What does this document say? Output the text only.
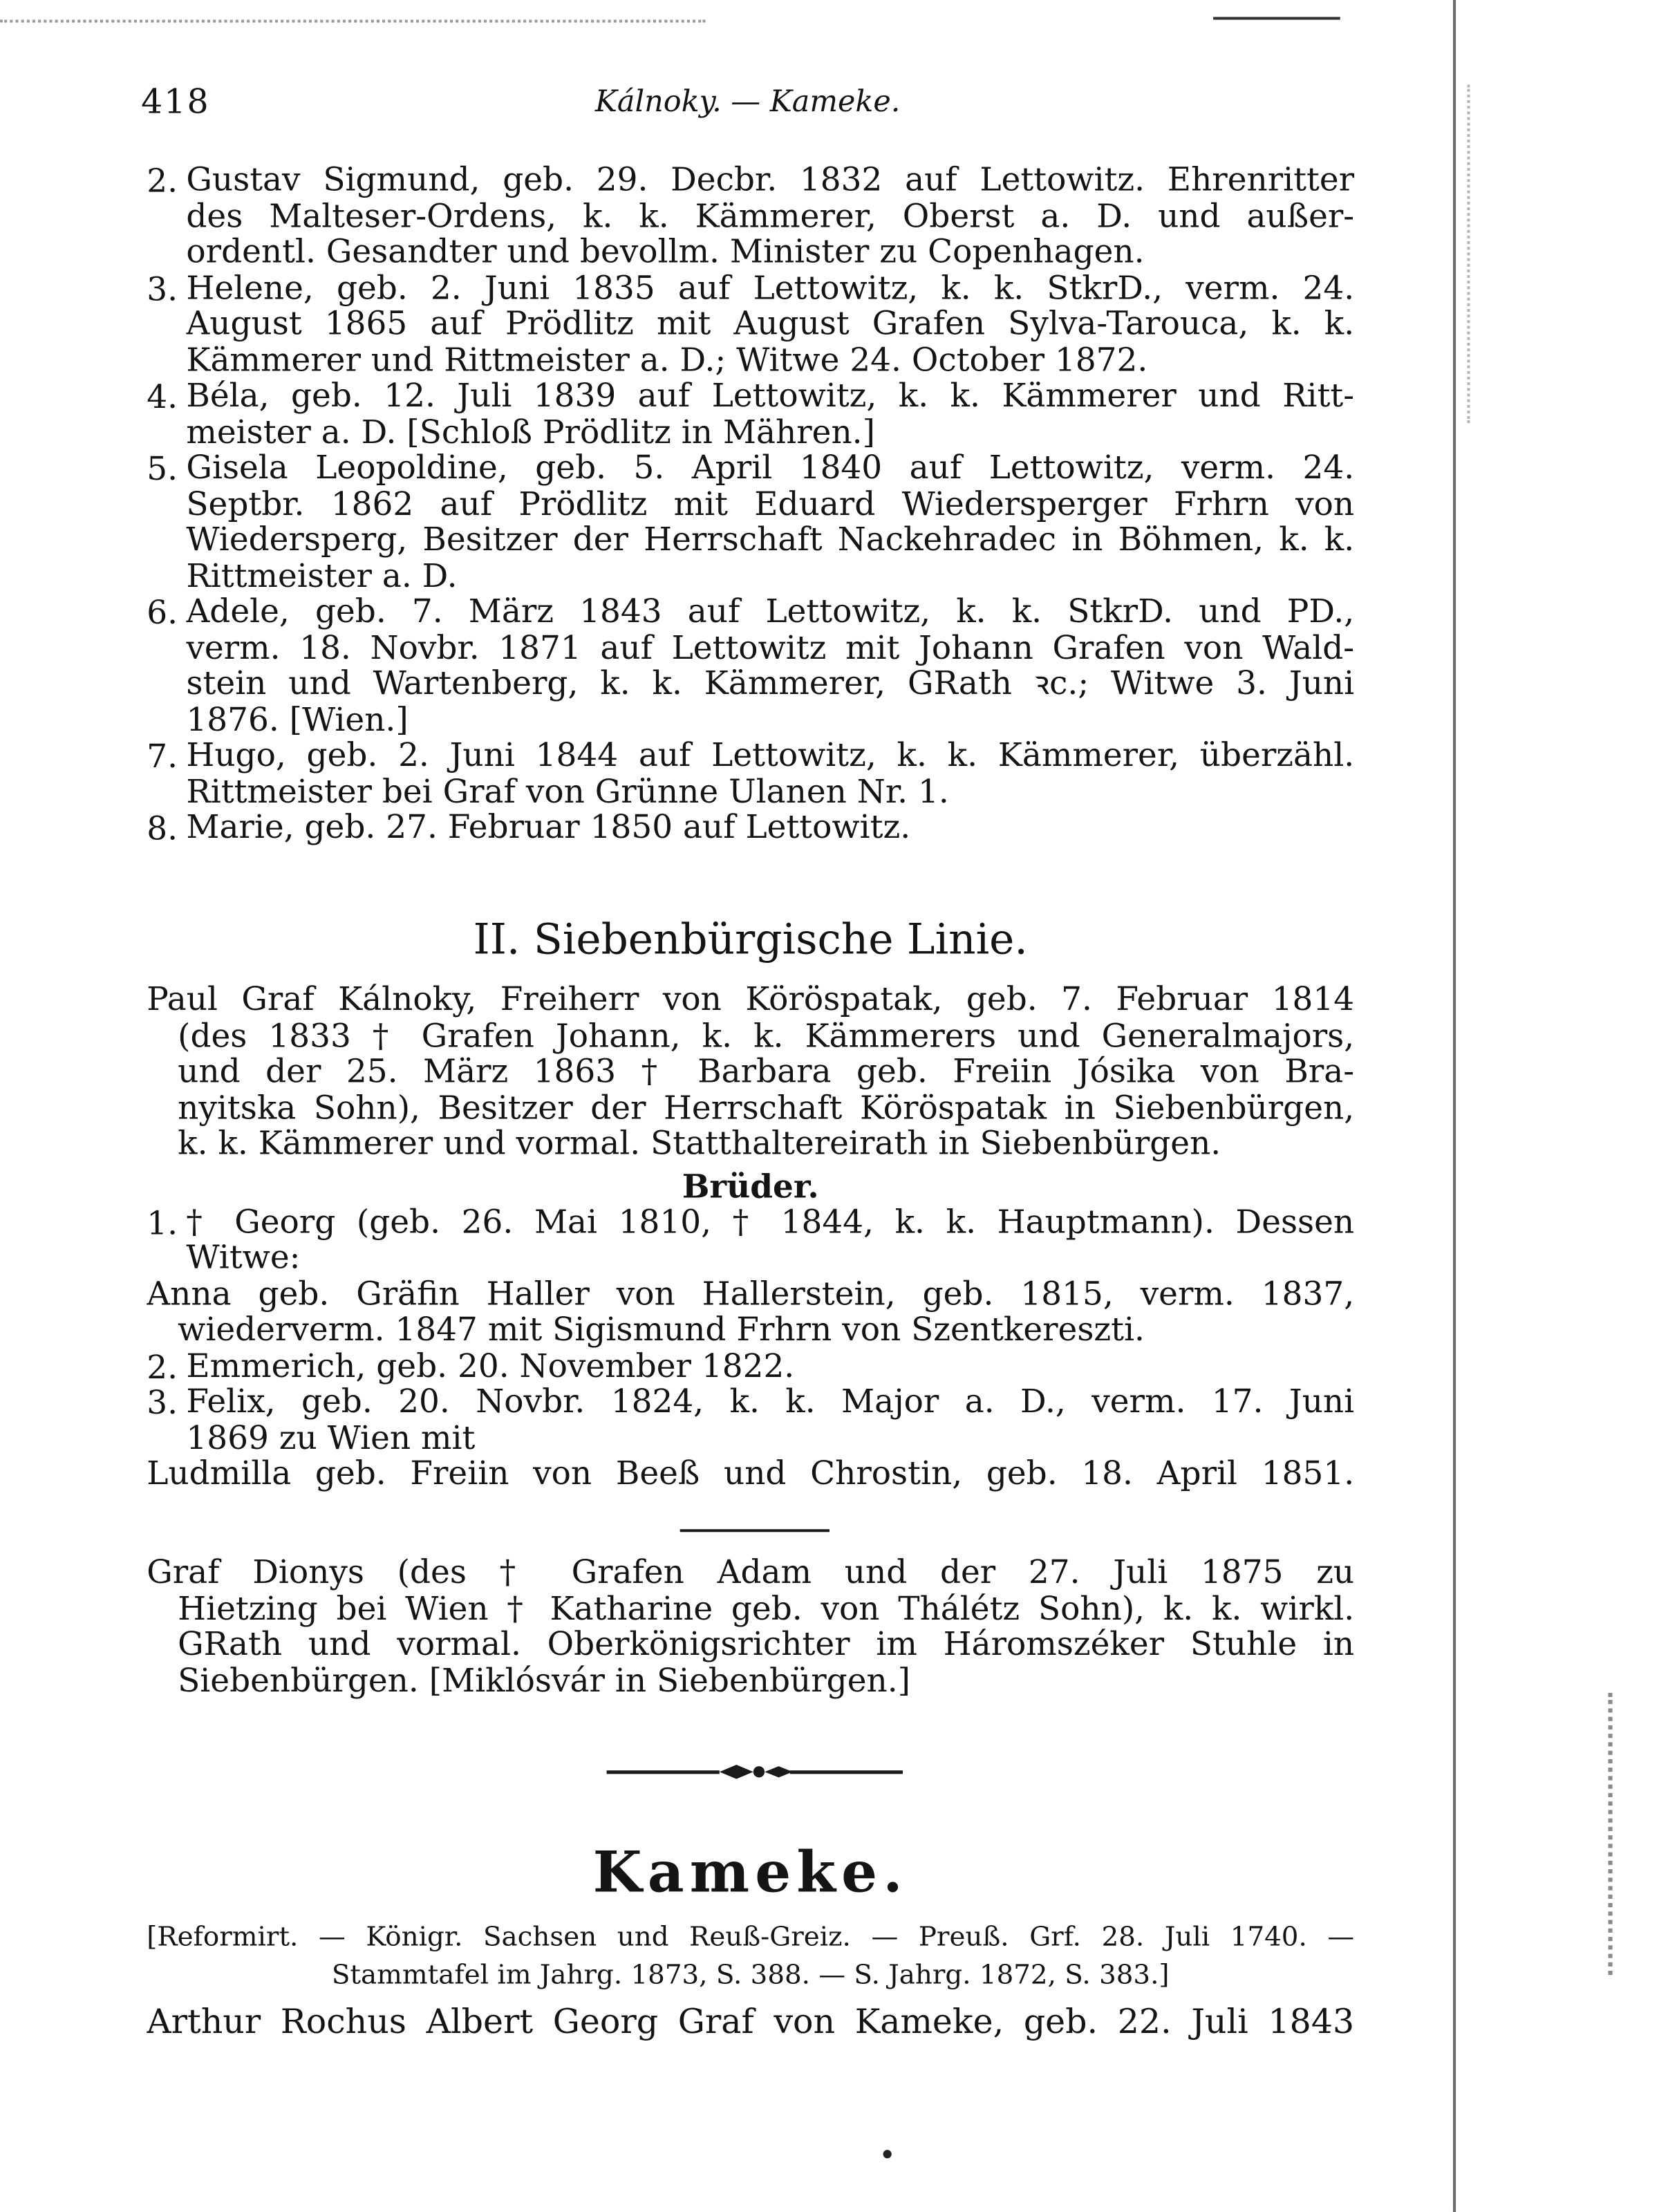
418	Kálnoky. — Kameke.
2. Gustav Sigmund, geb. 29. Decbr. 1832 auf Lettowitz. Ehrenritter
des Malteser-Ordens, k. k. Kämmerer, Oberst a. D. und außer-
ordentl. Gesandter und bevollm. Minister zu Copenhagen.
3. Helene, geb. 2. Juni 1835 auf Lettowitz, k. k. StkrD., verm. 24.
August 1865 auf Prödlitz mit August Grafen Sylva-Tarouca, k. k.
Kämmerer und Rittmeister a. D.; Witwe 24. October 1872.
4. Béla, geb. 12. Juli 1839 auf Lettowitz, k. k. Kämmerer und Ritt-
meister a. D. [Schloß Prödlitz in Mähren.]
5. Gisela Leopoldine, geb. 5. April 1840 auf Lettowitz, verm. 24.
Septbr. 1862 auf Prödlitz mit Eduard Wiedersperger Frhrn von
Wiedersperg, Besitzer der Herrschaft Nackehradec in Böhmen, k. k.
Rittmeister a. D.
6. Adele, geb. 7. März 1843 auf Lettowitz, k. k. StkrD. und PD.,
verm. 18. Novbr. 1871 auf Lettowitz mit Johann Grafen von Wald-
stein und Wartenberg, k. k. Kämmerer, GRath ꝛc.; Witwe 3. Juni
1876. [Wien.]
7. Hugo, geb. 2. Juni 1844 auf Lettowitz, k. k. Kämmerer, überzähl.
Rittmeister bei Graf von Grünne Ulanen Nr. 1.
8. Marie, geb. 27. Februar 1850 auf Lettowitz.
II. Siebenbürgische Linie.
Paul Graf Kálnoky, Freiherr von Köröspatak, geb. 7. Februar 1814
(des 1833 † Grafen Johann, k. k. Kämmerers und Generalmajors,
und der 25. März 1863 † Barbara geb. Freiin Jósika von Bra-
nyitska Sohn), Besitzer der Herrschaft Köröspatak in Siebenbürgen,
k. k. Kämmerer und vormal. Statthaltereirath in Siebenbürgen.
Brüder.
1. † Georg (geb. 26. Mai 1810, † 1844, k. k. Hauptmann). Dessen
Witwe:
Anna geb. Gräfin Haller von Hallerstein, geb. 1815, verm. 1837,
wiederverm. 1847 mit Sigismund Frhrn von Szentkereszti.
2. Emmerich, geb. 20. November 1822.
3. Felix, geb. 20. Novbr. 1824, k. k. Major a. D., verm. 17. Juni
1869 zu Wien mit
Ludmilla geb. Freiin von Beeß und Chrostin, geb. 18. April 1851.
Graf Dionys (des † Grafen Adam und der 27. Juli 1875 zu
Hietzing bei Wien † Katharine geb. von Thálétz Sohn), k. k. wirkl.
GRath und vormal. Oberkönigsrichter im Háromszéker Stuhle in
Siebenbürgen. [Miklósvár in Siebenbürgen.]
Kameke.
[Reformirt. — Königr. Sachsen und Reuß-Greiz. — Preuß. Grf. 28. Juli 1740. —
Stammtafel im Jahrg. 1873, S. 388. — S. Jahrg. 1872, S. 383.]
Arthur Rochus Albert Georg Graf von Kameke, geb. 22. Juli 1843
